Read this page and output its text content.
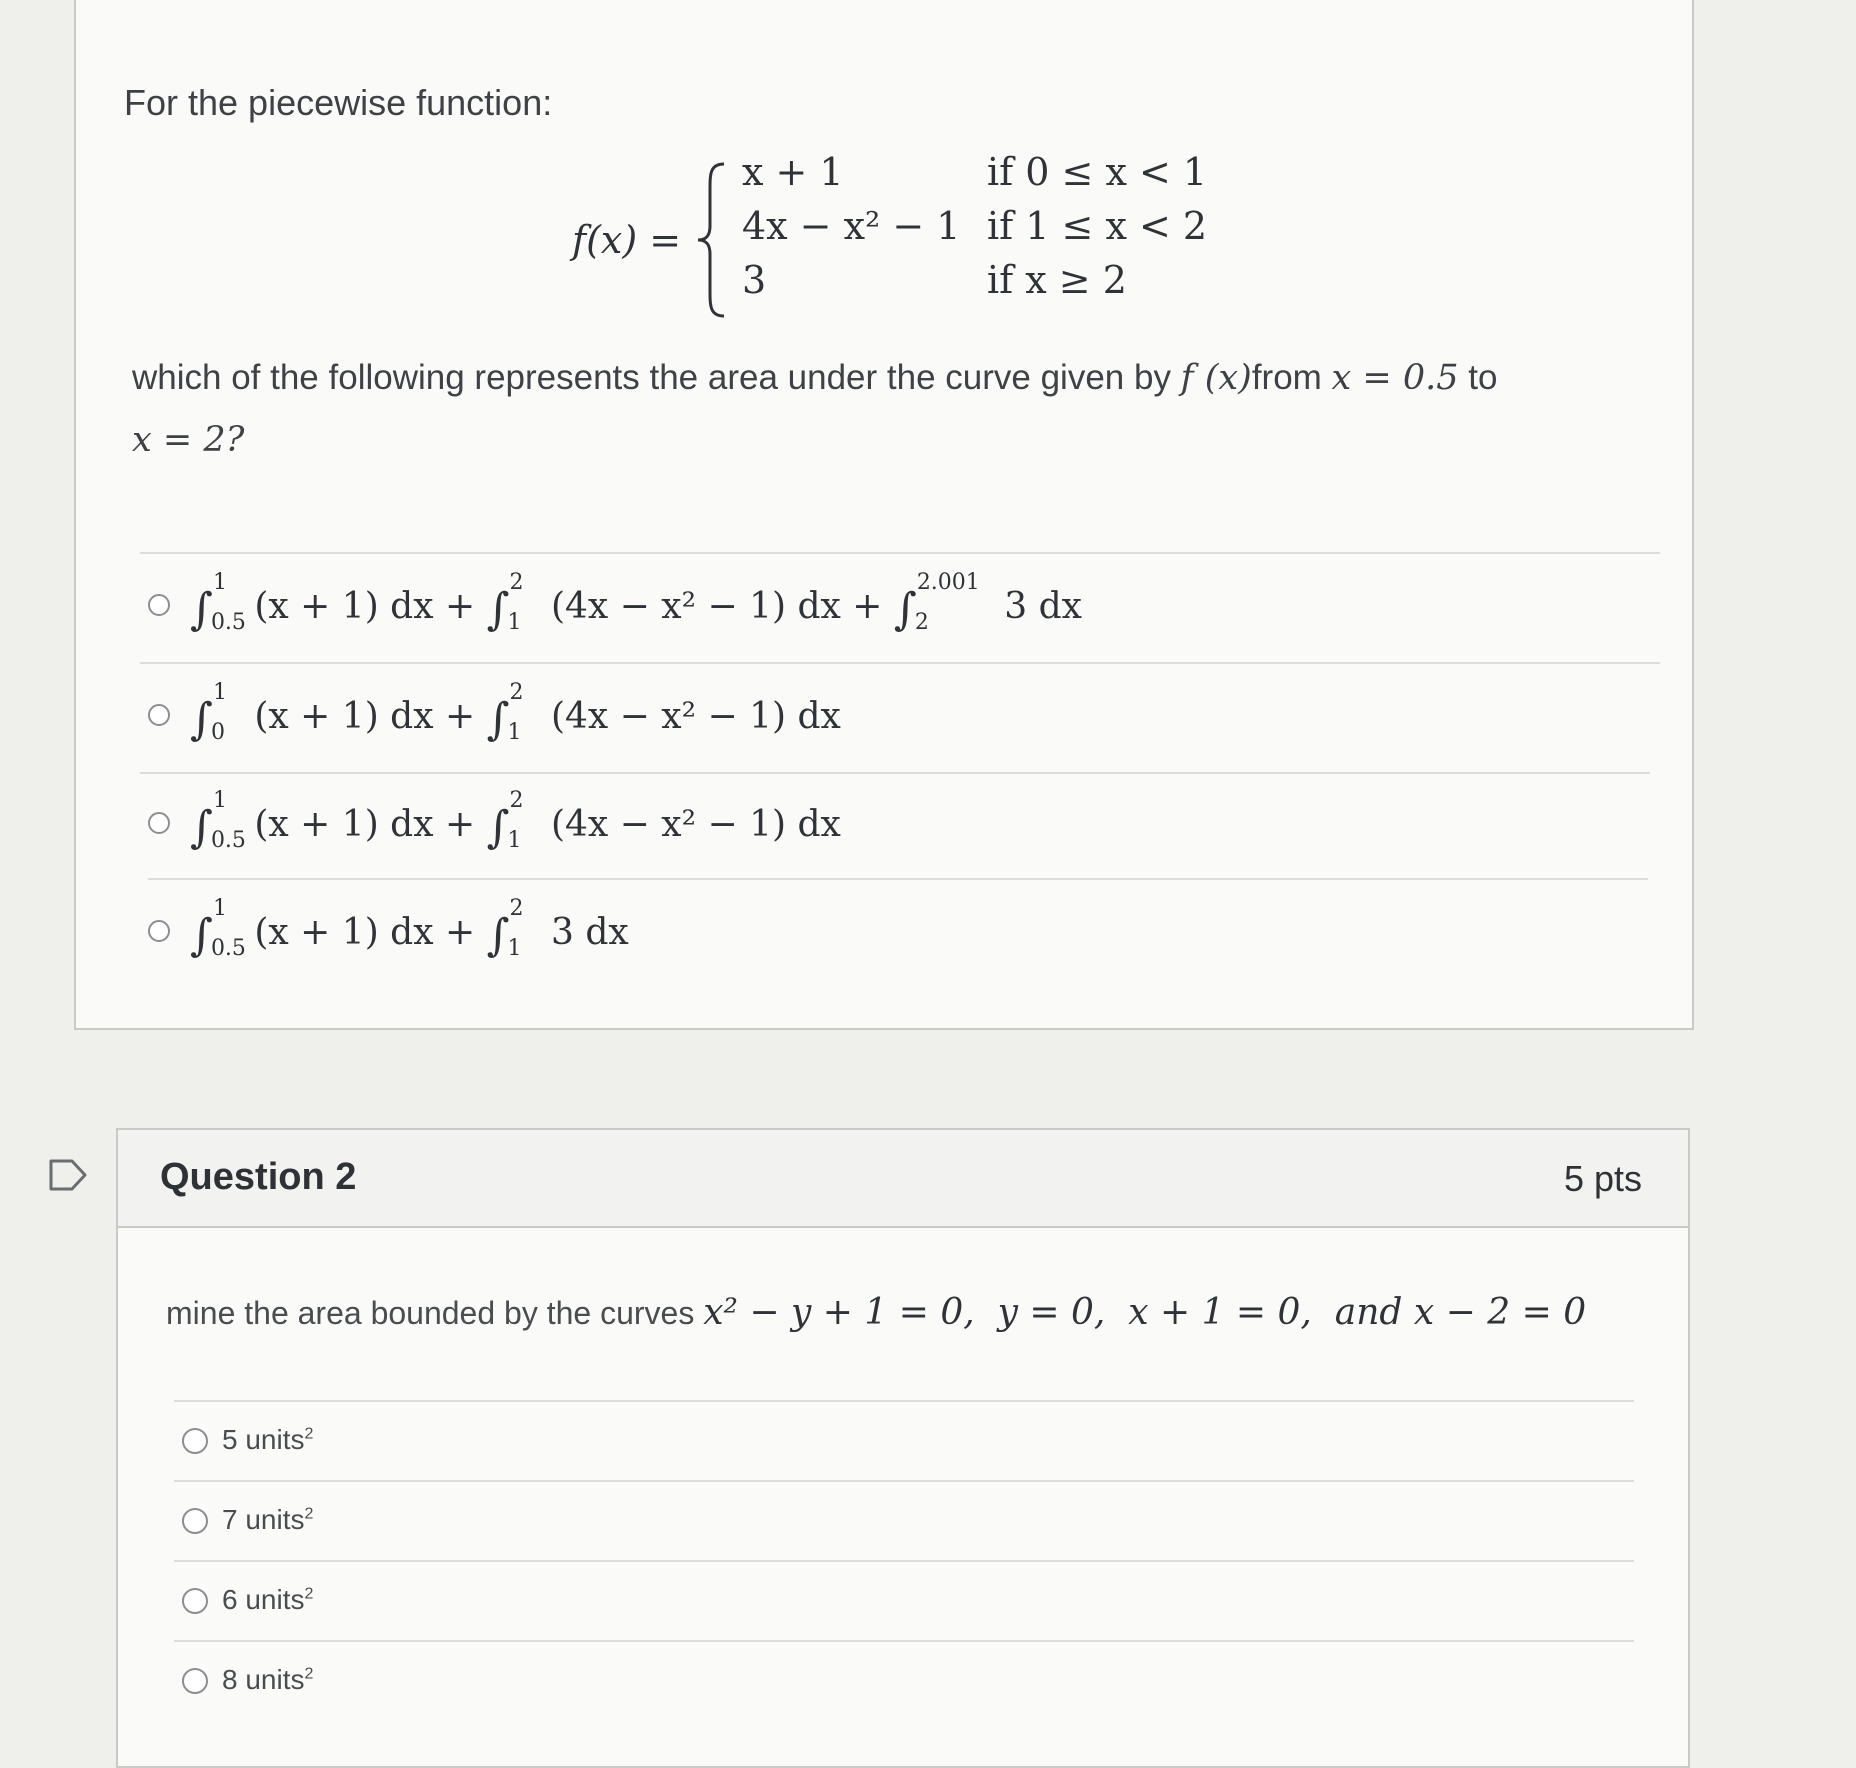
For the piecewise function:
f(x) =
x + 1	if 0 ≤ x < 1
4x − x² − 1 if 1 ≤ x < 2
3	if x ≥ 2
which of the following represents the area under the curve given by f (x)from x = 0.5 to
x = 2?
∫
1
0.5 (x + 1) dx + ∫
2
1 (4x − x² − 1) dx + ∫
2.001
2 3 dx
∫
1
0 (x + 1) dx + ∫
2
1 (4x − x² − 1) dx
∫
1
0.5 (x + 1) dx + ∫
2
1 (4x − x² − 1) dx
∫
1
0.5 (x + 1) dx + ∫
2
1 3 dx
Question 2	5 pts
mine the area bounded by the curves x² − y + 1 = 0,  y = 0,  x + 1 = 0,  and x − 2 = 0
5 units$^2$
7 units$^2$
6 units$^2$
8 units$^2$
